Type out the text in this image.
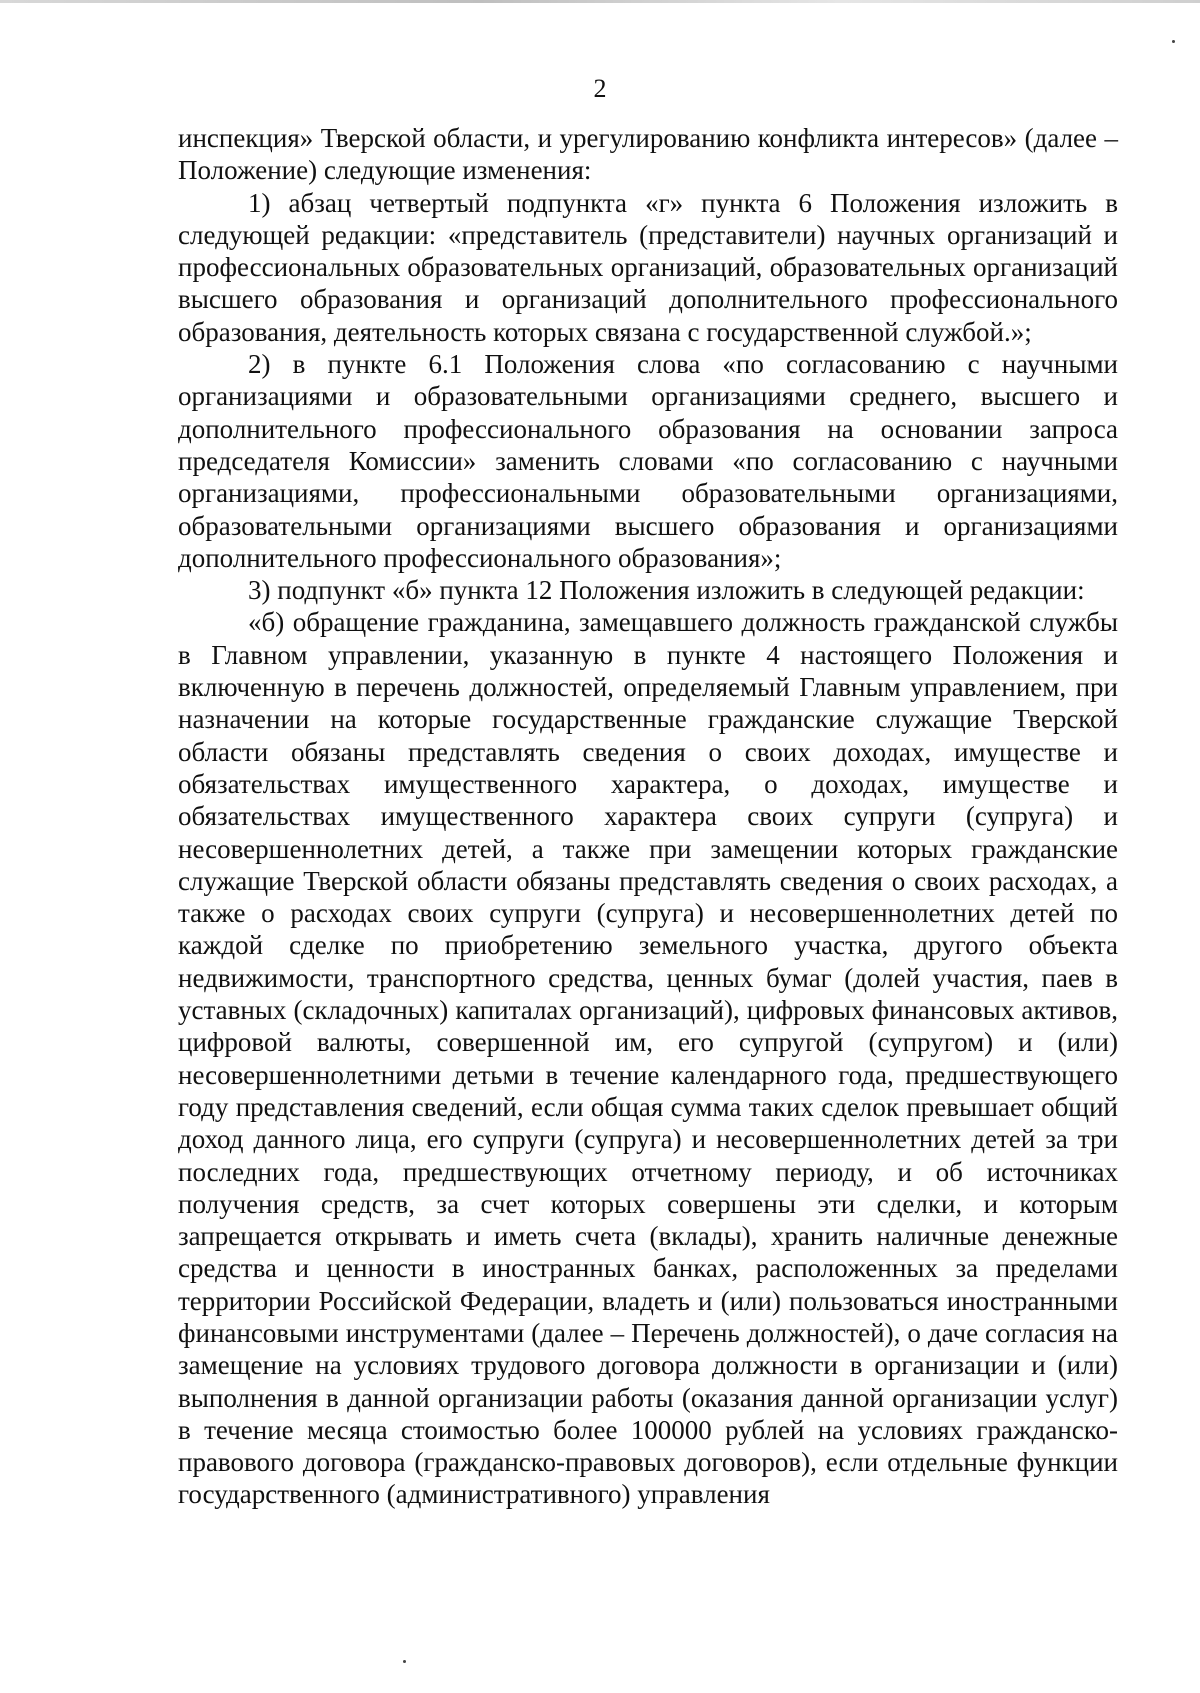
2

инспекция» Тверской области, и урегулированию конфликта интересов» (далее – Положение) следующие изменения:

1) абзац четвертый подпункта «г» пункта 6 Положения изложить в следующей редакции: «представитель (представители) научных организаций и профессиональных образовательных организаций, образовательных организаций высшего образования и организаций дополнительного профессионального образования, деятельность которых связана с государственной службой.»;

2) в пункте 6.1 Положения слова «по согласованию с научными организациями и образовательными организациями среднего, высшего и дополнительного профессионального образования на основании запроса председателя Комиссии» заменить словами «по согласованию с научными организациями, профессиональными образовательными организациями, образовательными организациями высшего образования и организациями дополнительного профессионального образования»;

3) подпункт «б» пункта 12 Положения изложить в следующей редакции:

«б) обращение гражданина, замещавшего должность гражданской службы в Главном управлении, указанную в пункте 4 настоящего Положения и включенную в перечень должностей, определяемый Главным управлением, при назначении на которые государственные гражданские служащие Тверской области обязаны представлять сведения о своих доходах, имуществе и обязательствах имущественного характера, о доходах, имуществе и обязательствах имущественного характера своих супруги (супруга) и несовершеннолетних детей, а также при замещении которых гражданские служащие Тверской области обязаны представлять сведения о своих расходах, а также о расходах своих супруги (супруга) и несовершеннолетних детей по каждой сделке по приобретению земельного участка, другого объекта недвижимости, транспортного средства, ценных бумаг (долей участия, паев в уставных (складочных) капиталах организаций), цифровых финансовых активов, цифровой валюты, совершенной им, его супругой (супругом) и (или) несовершеннолетними детьми в течение календарного года, предшествующего году представления сведений, если общая сумма таких сделок превышает общий доход данного лица, его супруги (супруга) и несовершеннолетних детей за три последних года, предшествующих отчетному периоду, и об источниках получения средств, за счет которых совершены эти сделки, и которым запрещается открывать и иметь счета (вклады), хранить наличные денежные средства и ценности в иностранных банках, расположенных за пределами территории Российской Федерации, владеть и (или) пользоваться иностранными финансовыми инструментами (далее – Перечень должностей), о даче согласия на замещение на условиях трудового договора должности в организации и (или) выполнения в данной организации работы (оказания данной организации услуг) в течение месяца стоимостью более 100000 рублей на условиях гражданско-правового договора (гражданско-правовых договоров), если отдельные функции государственного (административного) управления
